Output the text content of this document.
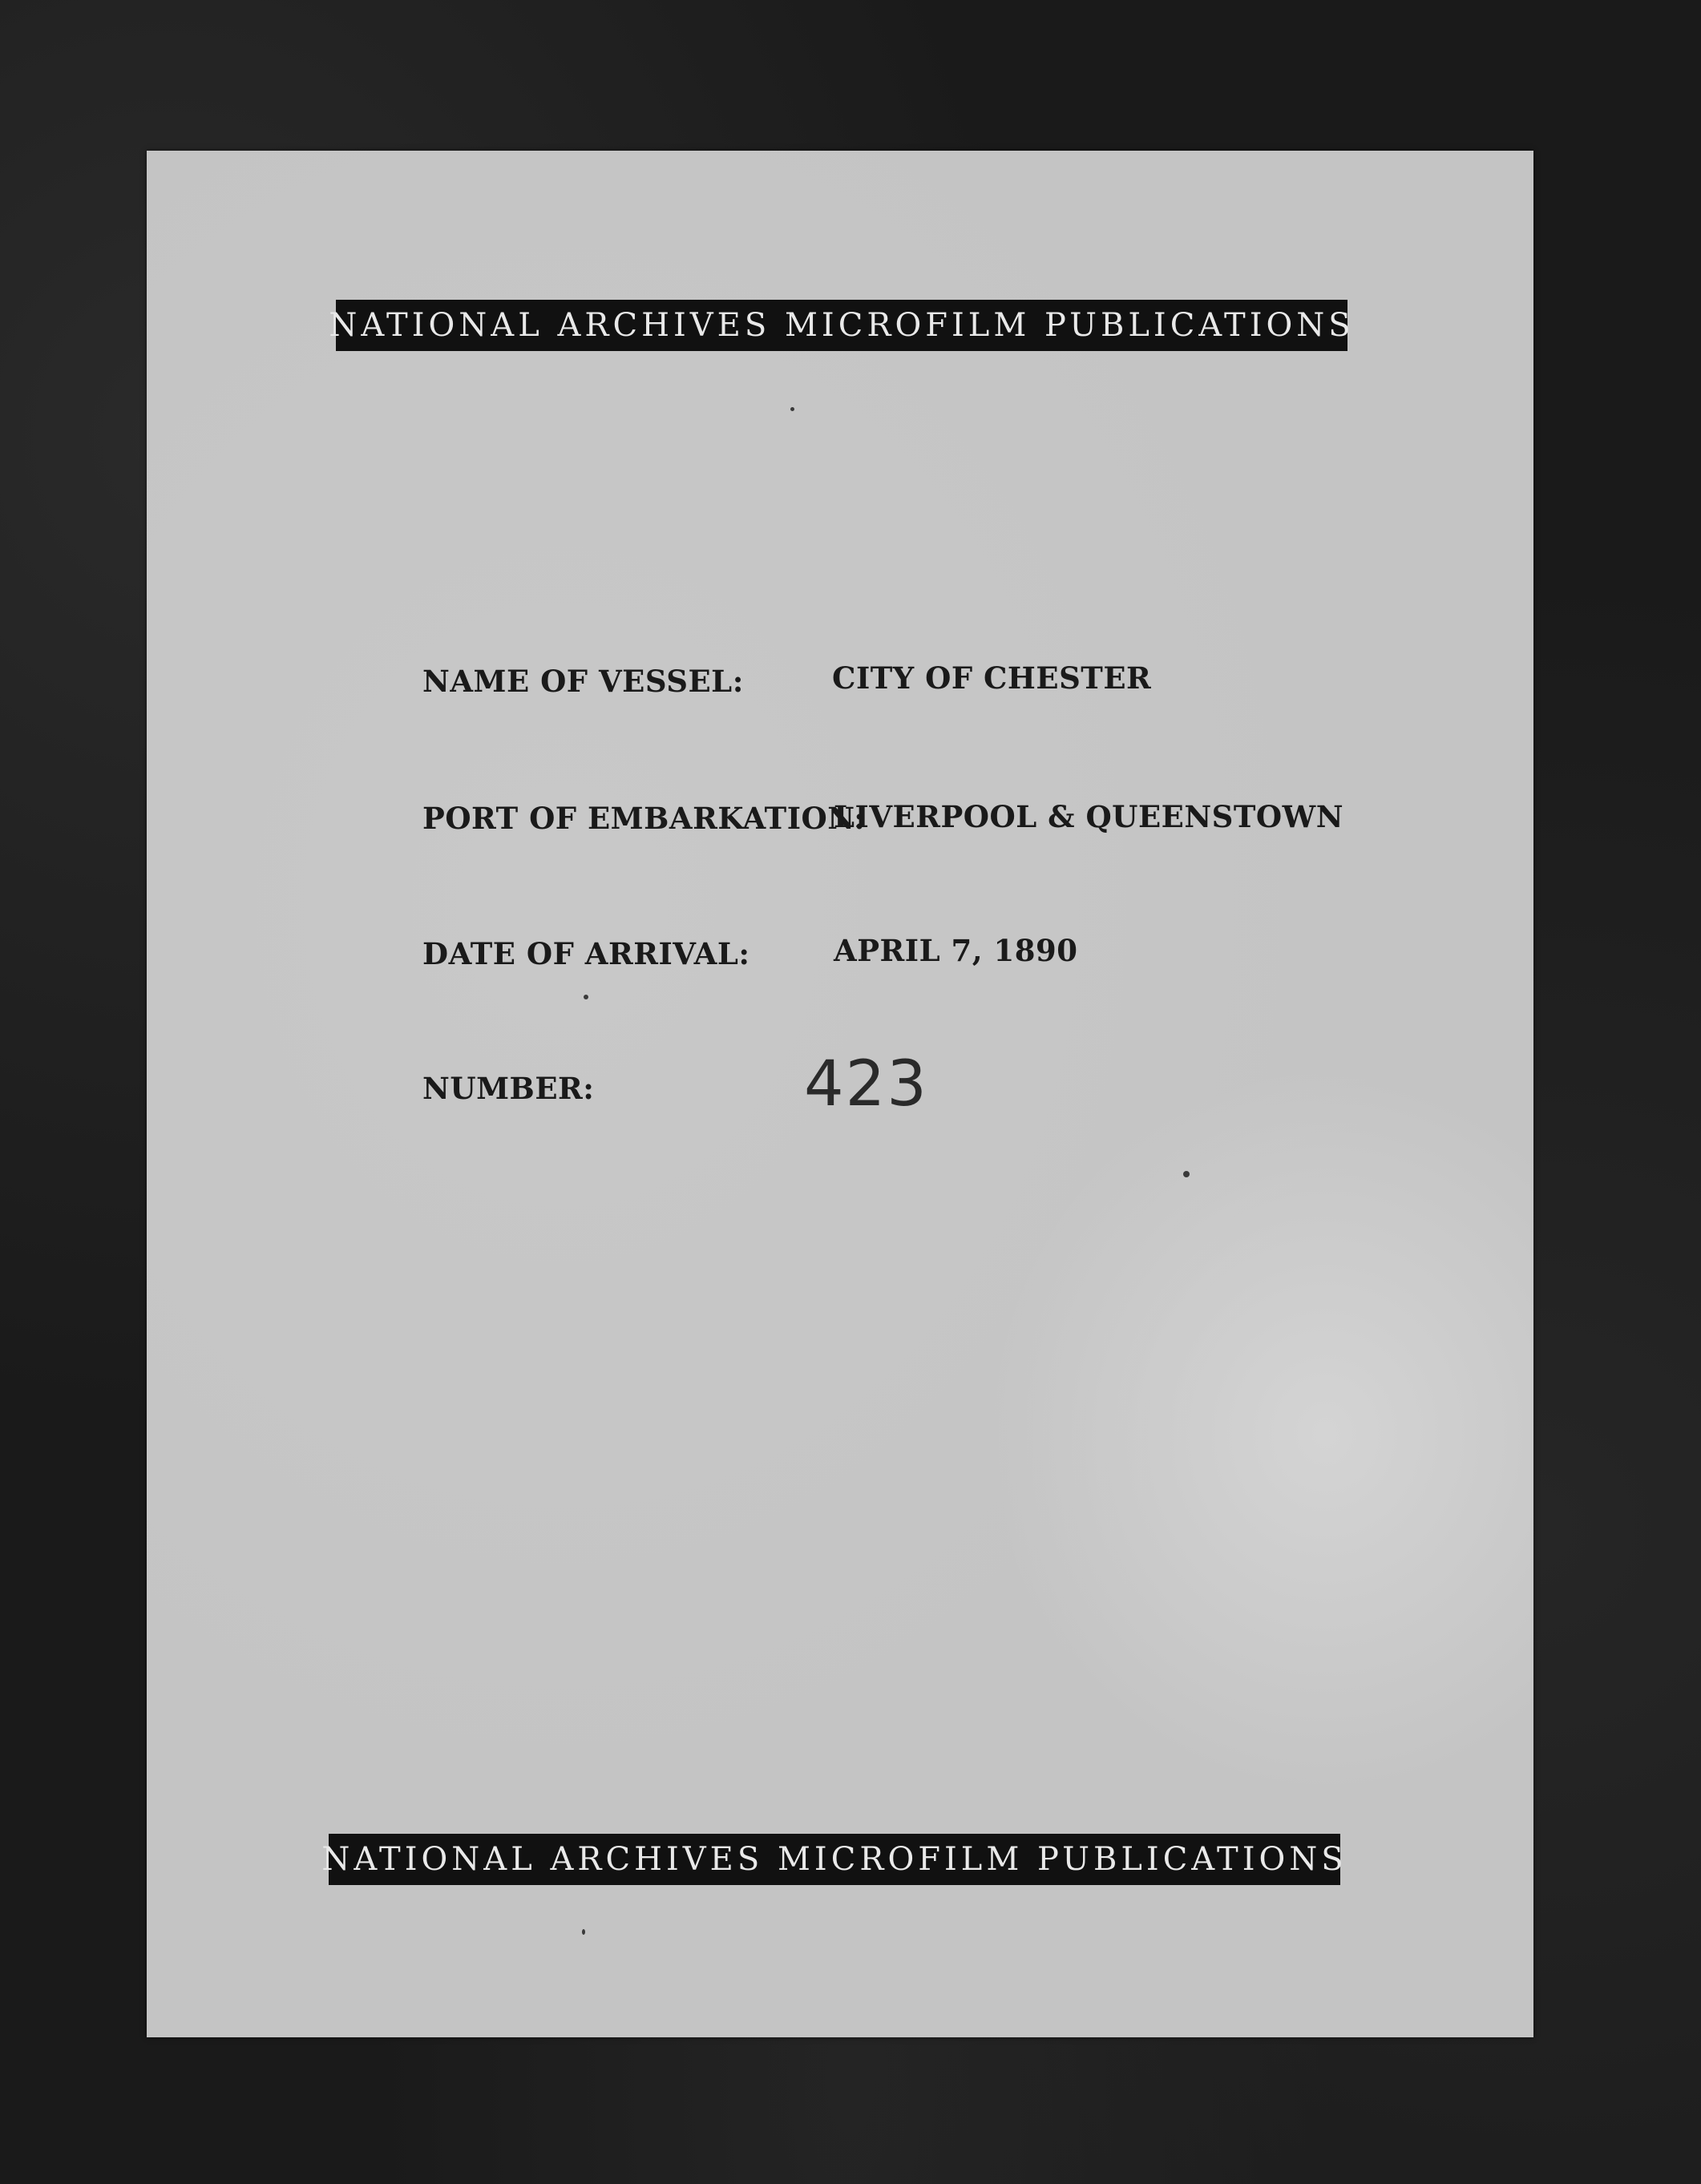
NATIONAL ARCHIVES MICROFILM PUBLICATIONS
NAME OF VESSEL:	CITY OF CHESTER
PORT OF EMBARKATION:
LIVERPOOL & QUEENSTOWN
DATE OF ARRIVAL:	APRIL 7, 1890
NUMBER:	423
NATIONAL ARCHIVES MICROFILM PUBLICATIONS
